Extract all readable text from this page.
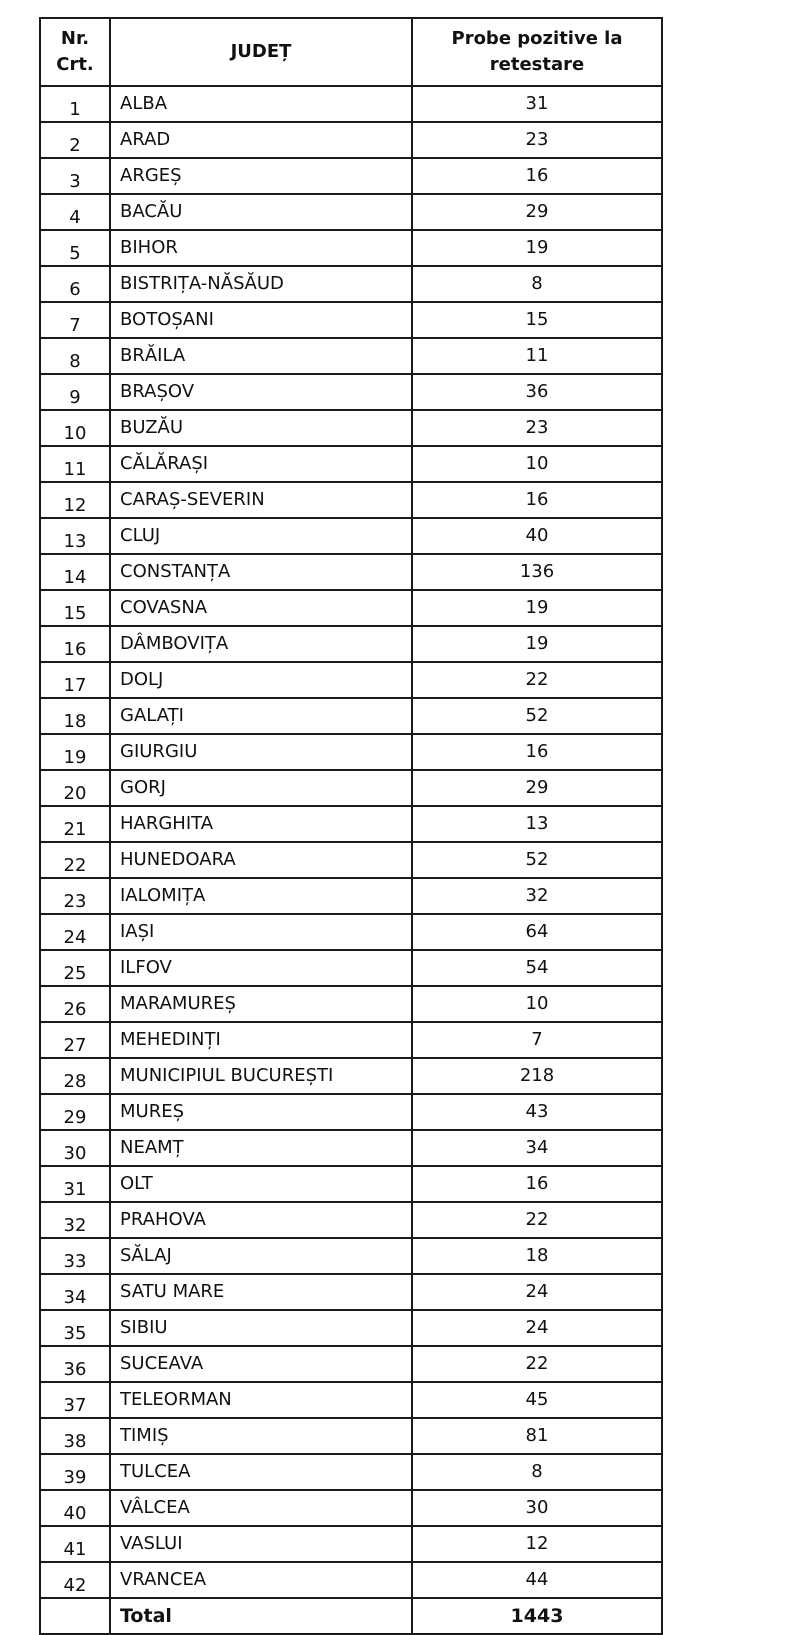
Nr. Crt.	JUDEȚ	Probe pozitive la retestare
1	ALBA	31
2	ARAD	23
3	ARGEȘ	16
4	BACĂU	29
5	BIHOR	19
6	BISTRIȚA-NĂSĂUD	8
7	BOTOȘANI	15
8	BRĂILA	11
9	BRAȘOV	36
10	BUZĂU	23
11	CĂLĂRAȘI	10
12	CARAȘ-SEVERIN	16
13	CLUJ	40
14	CONSTANȚA	136
15	COVASNA	19
16	DÂMBOVIȚA	19
17	DOLJ	22
18	GALAȚI	52
19	GIURGIU	16
20	GORJ	29
21	HARGHITA	13
22	HUNEDOARA	52
23	IALOMIȚA	32
24	IAȘI	64
25	ILFOV	54
26	MARAMUREȘ	10
27	MEHEDINȚI	7
28	MUNICIPIUL BUCUREȘTI	218
29	MUREȘ	43
30	NEAMȚ	34
31	OLT	16
32	PRAHOVA	22
33	SĂLAJ	18
34	SATU MARE	24
35	SIBIU	24
36	SUCEAVA	22
37	TELEORMAN	45
38	TIMIȘ	81
39	TULCEA	8
40	VÂLCEA	30
41	VASLUI	12
42	VRANCEA	44
	Total	1443
